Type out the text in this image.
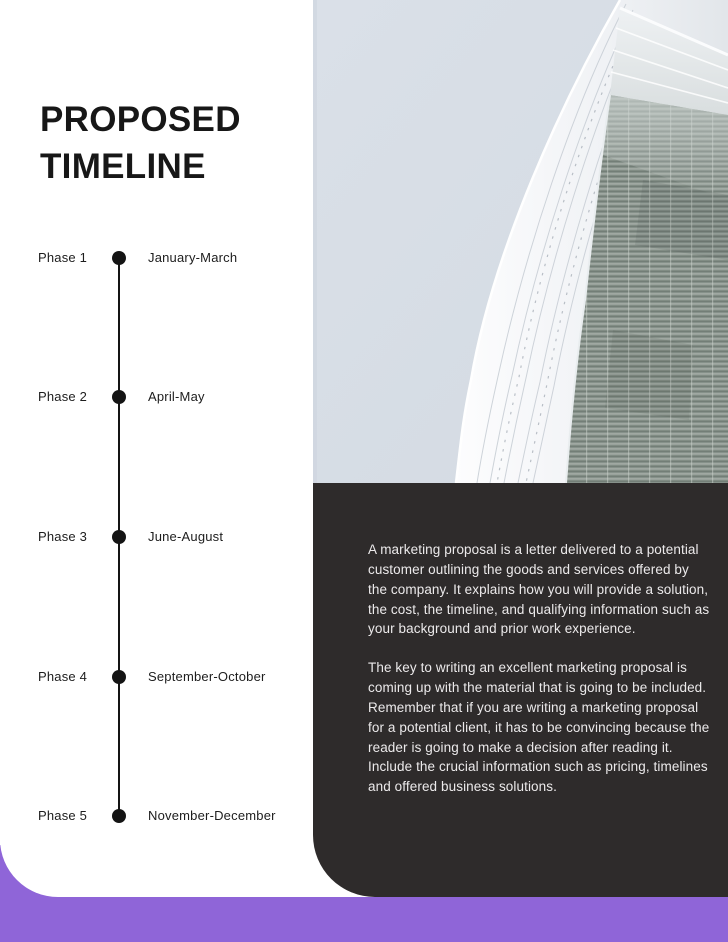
A marketing proposal is a letter delivered to a potential customer outlining the goods and services offered by the company. It explains how you will provide a solution, the cost, the timeline, and qualifying information such as your background and prior work experience.

The key to writing an excellent marketing proposal is coming up with the material that is going to be included. Remember that if you are writing a marketing proposal for a potential client, it has to be convincing because the reader is going to make a decision after reading it. Include the crucial information such as pricing, timelines and offered business solutions.

PROPOSED
TIMELINE
Phase 1	January-March
Phase 2	April-May
Phase 3	June-August
Phase 4	September-October
Phase 5	November-December
